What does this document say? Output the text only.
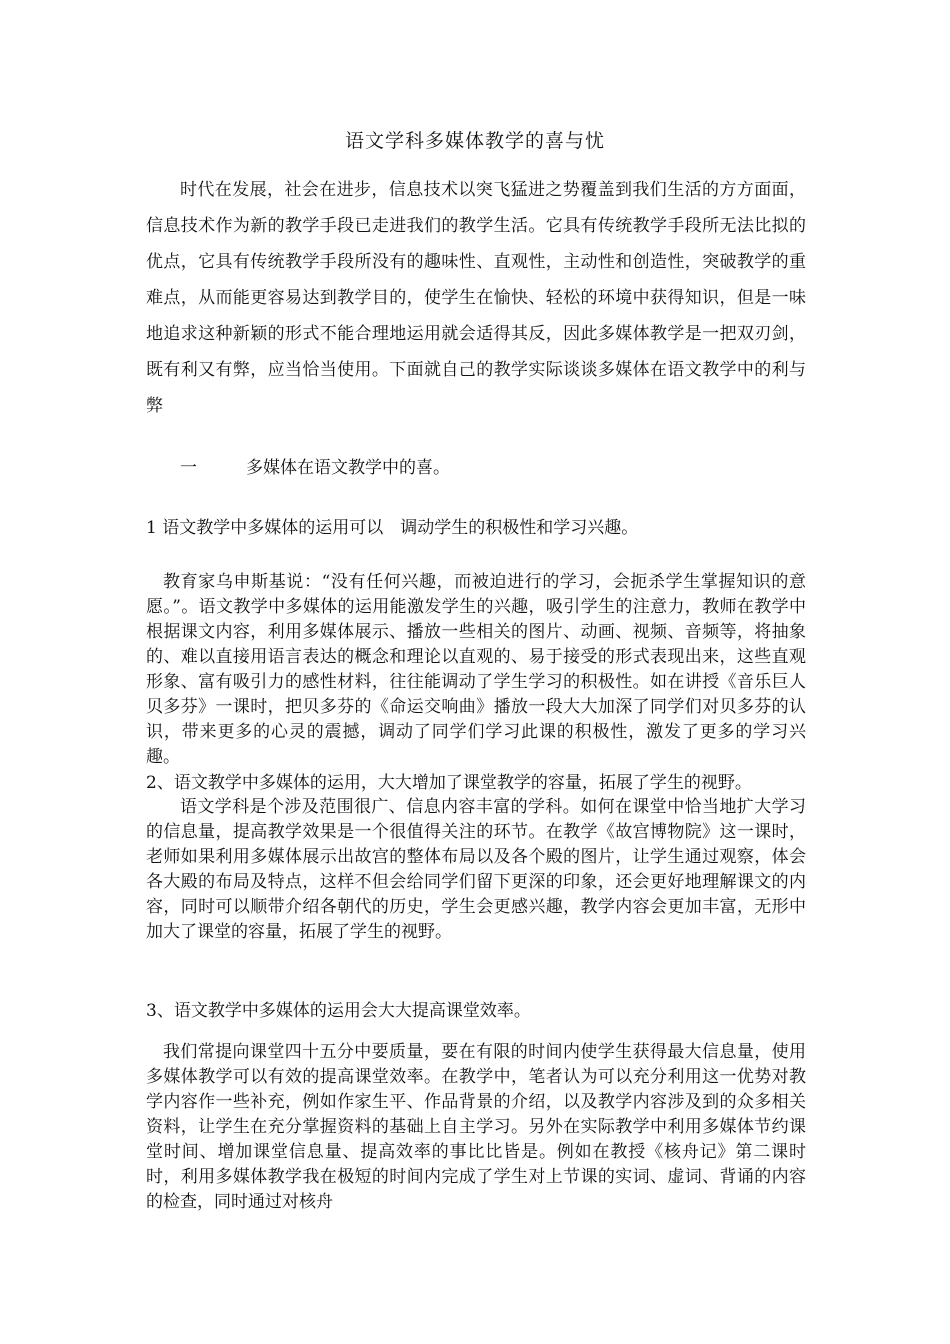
语文学科多媒体教学的喜与忧

时代在发展，社会在进步，信息技术以突飞猛进之势覆盖到我们生活的方方面面，信息技术作为新的教学手段已走进我们的教学生活。它具有传统教学手段所无法比拟的优点，它具有传统教学手段所没有的趣味性、直观性，主动性和创造性，突破教学的重难点，从而能更容易达到教学目的，使学生在愉快、轻松的环境中获得知识，但是一味地追求这种新颖的形式不能合理地运用就会适得其反，因此多媒体教学是一把双刃剑，既有利又有弊，应当恰当使用。下面就自己的教学实际谈谈多媒体在语文教学中的利与弊

一	多媒体在语文教学中的喜。
1 语文教学中多媒体的运用可以　调动学生的积极性和学习兴趣。

教育家乌申斯基说：“没有任何兴趣，而被迫进行的学习，会扼杀学生掌握知识的意愿。”。语文教学中多媒体的运用能激发学生的兴趣，吸引学生的注意力，教师在教学中根据课文内容，利用多媒体展示、播放一些相关的图片、动画、视频、音频等，将抽象的、难以直接用语言表达的概念和理论以直观的、易于接受的形式表现出来，这些直观形象、富有吸引力的感性材料，往往能调动了学生学习的积极性。如在讲授《音乐巨人贝多芬》一课时，把贝多芬的《命运交响曲》播放一段大大加深了同学们对贝多芬的认识，带来更多的心灵的震撼，调动了同学们学习此课的积极性，激发了更多的学习兴趣。

2、语文教学中多媒体的运用，大大增加了课堂教学的容量，拓展了学生的视野。

语文学科是个涉及范围很广、信息内容丰富的学科。如何在课堂中恰当地扩大学习的信息量，提高教学效果是一个很值得关注的环节。在教学《故宫博物院》这一课时，老师如果利用多媒体展示出故宫的整体布局以及各个殿的图片，让学生通过观察，体会各大殿的布局及特点，这样不但会给同学们留下更深的印象，还会更好地理解课文的内容，同时可以顺带介绍各朝代的历史，学生会更感兴趣，教学内容会更加丰富，无形中加大了课堂的容量，拓展了学生的视野。

3、语文教学中多媒体的运用会大大提高课堂效率。

我们常提向课堂四十五分中要质量，要在有限的时间内使学生获得最大信息量，使用多媒体教学可以有效的提高课堂效率。在教学中，笔者认为可以充分利用这一优势对教学内容作一些补充，例如作家生平、作品背景的介绍，以及教学内容涉及到的众多相关资料，让学生在充分掌握资料的基础上自主学习。另外在实际教学中利用多媒体节约课堂时间、增加课堂信息量、提高效率的事比比皆是。例如在教授《核舟记》第二课时时，利用多媒体教学我在极短的时间内完成了学生对上节课的实词、虚词、背诵的内容的检查，同时通过对核舟
